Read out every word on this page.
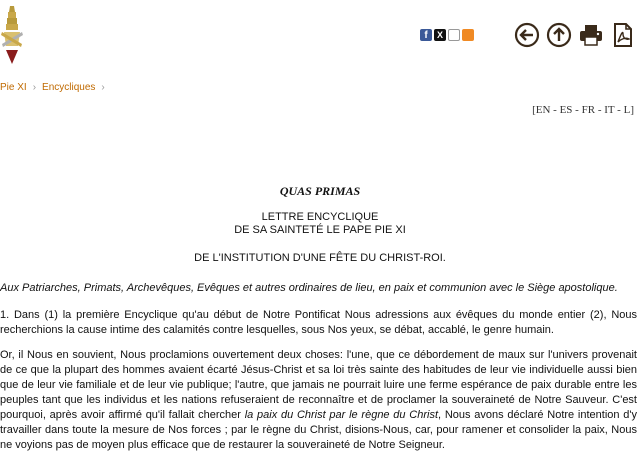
f	X
Pie XI › Encycliques ›
[EN - ES - FR - IT - L]
QUAS PRIMAS
LETTRE ENCYCLIQUE
DE SA SAINTETÉ LE PAPE PIE XI
DE L'INSTITUTION D'UNE FÊTE DU CHRIST-ROI.
Aux Patriarches, Primats, Archevêques, Evêques et autres ordinaires de lieu, en paix et communion avec le Siège apostolique.
1. Dans (1) la première Encyclique qu'au début de Notre Pontificat Nous adressions aux évêques du monde entier (2), Nous recherchions la cause intime des calamités contre lesquelles, sous Nos yeux, se débat, accablé, le genre humain.
Or, il Nous en souvient, Nous proclamions ouvertement deux choses: l'une, que ce débordement de maux sur l'univers provenait de ce que la plupart des hommes avaient écarté Jésus-Christ et sa loi très sainte des habitudes de leur vie individuelle aussi bien que de leur vie familiale et de leur vie publique; l'autre, que jamais ne pourrait luire une ferme espérance de paix durable entre les peuples tant que les individus et les nations refuseraient de reconnaître et de proclamer la souveraineté de Notre Sauveur. C'est pourquoi, après avoir affirmé qu'il fallait chercher la paix du Christ par le règne du Christ, Nous avons déclaré Notre intention d'y travailler dans toute la mesure de Nos forces ; par le règne du Christ, disions-Nous, car, pour ramener et consolider la paix, Nous ne voyions pas de moyen plus efficace que de restaurer la souveraineté de Notre Seigneur.
